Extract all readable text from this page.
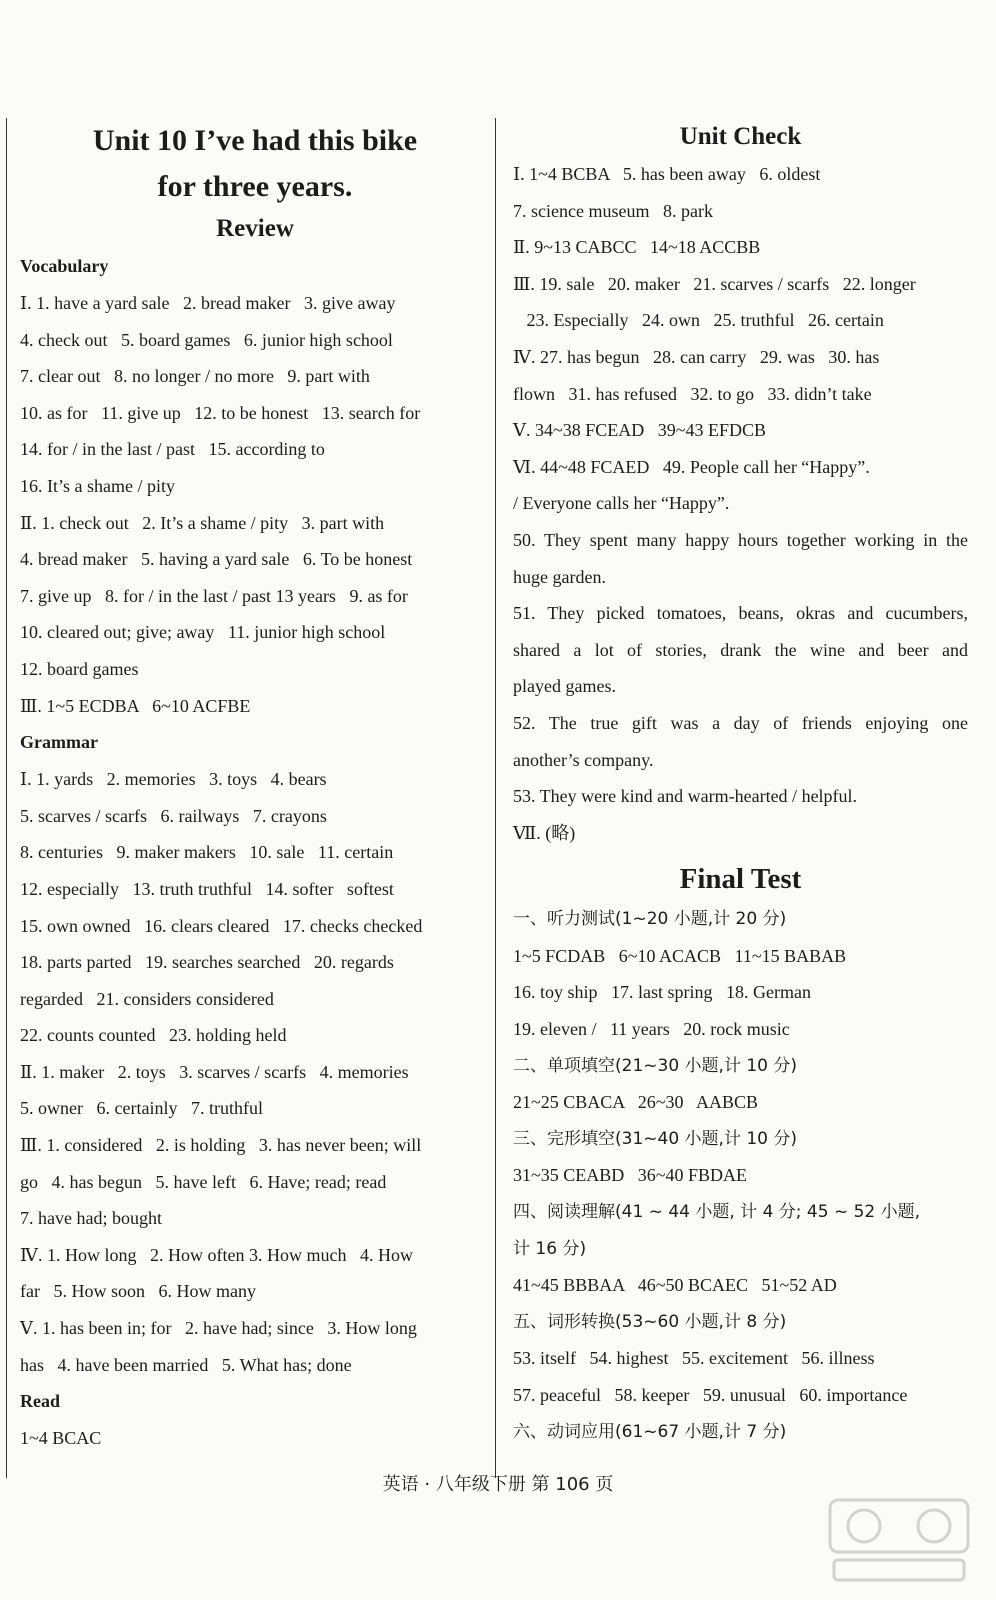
Unit 10 I’ve had this bike
for three years.
Review
Vocabulary
Ⅰ. 1. have a yard sale   2. bread maker   3. give away
4. check out   5. board games   6. junior high school
7. clear out   8. no longer / no more   9. part with
10. as for   11. give up   12. to be honest   13. search for
14. for / in the last / past   15. according to
16. It’s a shame / pity
Ⅱ. 1. check out   2. It’s a shame / pity   3. part with
4. bread maker   5. having a yard sale   6. To be honest
7. give up   8. for / in the last / past 13 years   9. as for
10. cleared out; give; away   11. junior high school
12. board games
Ⅲ. 1~5 ECDBA   6~10 ACFBE
Grammar
Ⅰ. 1. yards   2. memories   3. toys   4. bears
5. scarves / scarfs   6. railways   7. crayons
8. centuries   9. maker makers   10. sale   11. certain
12. especially   13. truth truthful   14. softer   softest
15. own owned   16. clears cleared   17. checks checked
18. parts parted   19. searches searched   20. regards
regarded   21. considers considered
22. counts counted   23. holding held
Ⅱ. 1. maker   2. toys   3. scarves / scarfs   4. memories
5. owner   6. certainly   7. truthful
Ⅲ. 1. considered   2. is holding   3. has never been; will
go   4. has begun   5. have left   6. Have; read; read
7. have had; bought
Ⅳ. 1. How long   2. How often 3. How much   4. How
far   5. How soon   6. How many
Ⅴ. 1. has been in; for   2. have had; since   3. How long
has   4. have been married   5. What has; done
Read
1~4 BCAC
Unit Check
Ⅰ. 1~4 BCBA   5. has been away   6. oldest
7. science museum   8. park
Ⅱ. 9~13 CABCC   14~18 ACCBB
Ⅲ. 19. sale   20. maker   21. scarves / scarfs   22. longer
23. Especially   24. own   25. truthful   26. certain
Ⅳ. 27. has begun   28. can carry   29. was   30. has
flown   31. has refused   32. to go   33. didn’t take
Ⅴ. 34~38 FCEAD   39~43 EFDCB
Ⅵ. 44~48 FCAED   49. People call her “Happy”.
/ Everyone calls her “Happy”.
50. They spent many happy hours together working in the
huge garden.
51. They picked tomatoes, beans, okras and cucumbers,
shared a lot of stories, drank the wine and beer and
played games.
52. The true gift was a day of friends enjoying one
another’s company.
53. They were kind and warm-hearted / helpful.
Ⅶ. (略)
Final Test
一、听力测试(1~20 小题,计 20 分)
1~5 FCDAB   6~10 ACACB   11~15 BABAB
16. toy ship   17. last spring   18. German
19. eleven /   11 years   20. rock music
二、单项填空(21~30 小题,计 10 分)
21~25 CBACA   26~30   AABCB
三、完形填空(31~40 小题,计 10 分)
31~35 CEABD   36~40 FBDAE
四、阅读理解(41 ~ 44 小题, 计 4 分; 45 ~ 52 小题,
计 16 分)
41~45 BBBAA   46~50 BCAEC   51~52 AD
五、词形转换(53~60 小题,计 8 分)
53. itself   54. highest   55. excitement   56. illness
57. peaceful   58. keeper   59. unusual   60. importance
六、动词应用(61~67 小题,计 7 分)
英语 · 八年级下册 第 106 页
